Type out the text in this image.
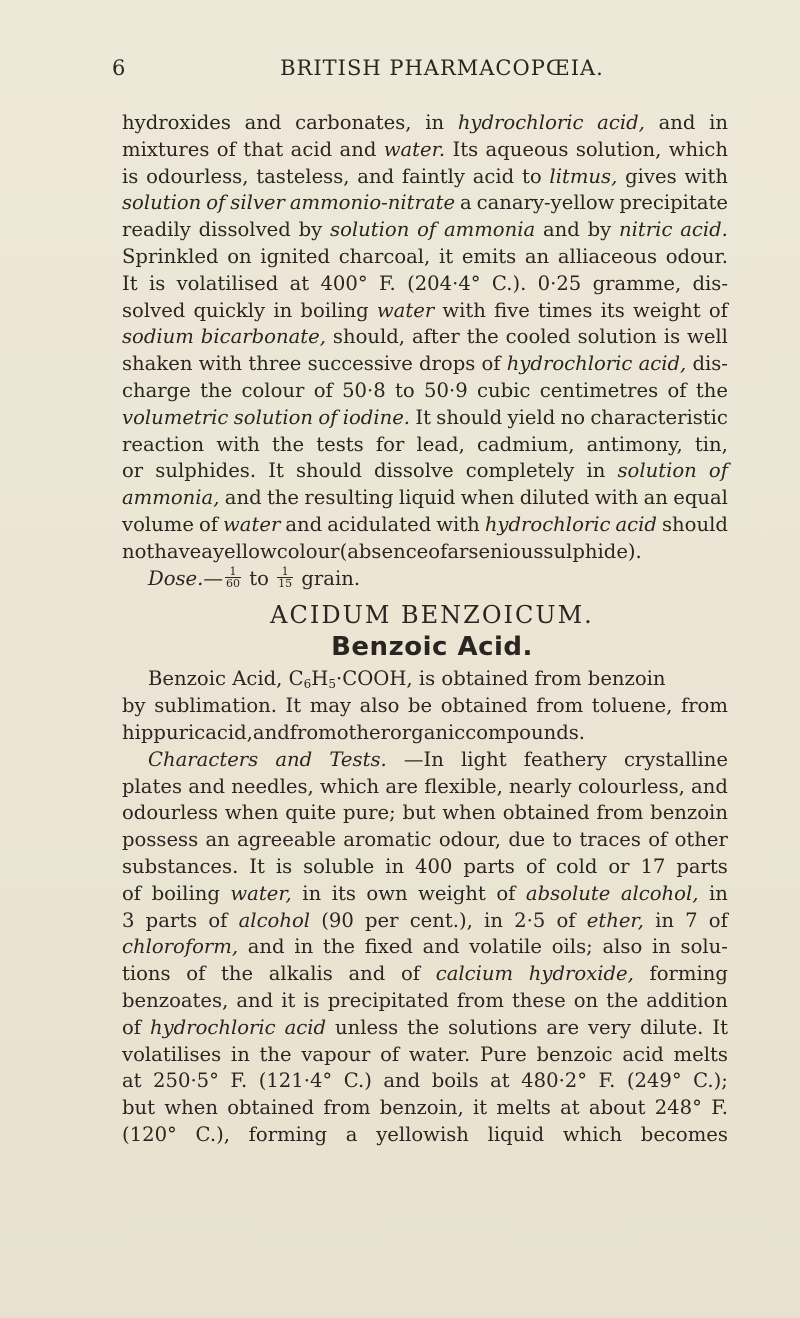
6	BRITISH PHARMACOPŒIA.
hydroxides and carbonates, in hydrochloric acid, and in
mixtures of that acid and water. Its aqueous solution, which
is odourless, tasteless, and faintly acid to litmus, gives with
solution of silver ammonio-nitrate a canary-yellow precipitate
readily dissolved by solution of ammonia and by nitric acid.
Sprinkled on ignited charcoal, it emits an alliaceous odour.
It is volatilised at 400° F. (204·4° C.). 0·25 gramme, dis-
solved quickly in boiling water with five times its weight of
sodium bicarbonate, should, after the cooled solution is well
shaken with three successive drops of hydrochloric acid, dis-
charge the colour of 50·8 to 50·9 cubic centimetres of the
volumetric solution of iodine. It should yield no characteristic
reaction with the tests for lead, cadmium, antimony, tin,
or sulphides. It should dissolve completely in solution of
ammonia, and the resulting liquid when diluted with an equal
volume of water and acidulated with hydrochloric acid should
not have a yellow colour (absence of arsenious sulphide).
Dose. — $\frac{1}{60}$
to
$\frac{1}{15}$
grain.
ACIDUM BENZOICUM.
Benzoic Acid.
Benzoic Acid, $C_6H_5\cdot COOH$, is obtained from benzoin
by sublimation. It may also be obtained from toluene, from
hippuric acid, and from other organic compounds.
Characters and Tests. —In light feathery crystalline
plates and needles, which are flexible, nearly colourless, and
odourless when quite pure; but when obtained from benzoin
possess an agreeable aromatic odour, due to traces of other
substances. It is soluble in 400 parts of cold or 17 parts
of boiling water, in its own weight of absolute alcohol, in
3 parts of alcohol (90 per cent.), in 2·5 of ether, in 7 of
chloroform, and in the fixed and volatile oils; also in solu-
tions of the alkalis and of calcium hydroxide, forming
benzoates, and it is precipitated from these on the addition
of hydrochloric acid unless the solutions are very dilute. It
volatilises in the vapour of water. Pure benzoic acid melts
at 250·5° F. (121·4° C.) and boils at 480·2° F. (249° C.);
but when obtained from benzoin, it melts at about 248° F.
(120° C.), forming a yellowish liquid which becomes
